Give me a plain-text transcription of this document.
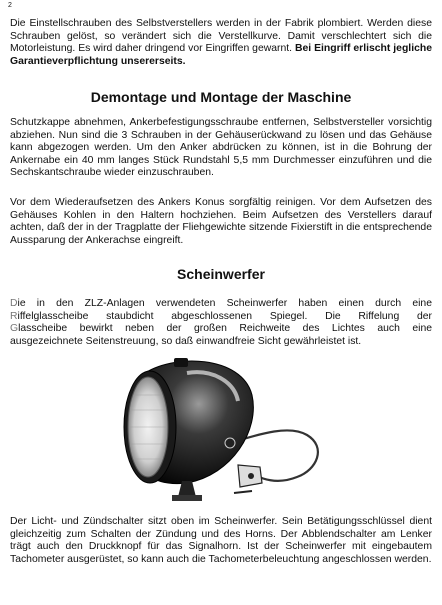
2

Die Einstellschrauben des Selbstverstellers werden in der Fabrik plombiert. Werden diese Schrauben gelöst, so verändert sich die Verstellkurve. Damit verschlechtert sich die Motorleistung. Es wird daher dringend vor Eingriffen gewarnt. Bei Eingriff erlischt jegliche Garantieverpflichtung unsererseits.

Demontage und Montage der Maschine

Schutzkappe abnehmen, Ankerbefestigungsschraube entfernen, Selbstversteller vorsichtig abziehen. Nun sind die 3 Schrauben in der Gehäuserückwand zu lösen und das Gehäuse kann abgezogen werden. Um den Anker abdrücken zu können, ist in die Bohrung der Ankernabe ein 40 mm langes Stück Rundstahl 5,5 mm Durchmesser einzuführen und die Sechskantschraube wieder einzuschrauben.

Vor dem Wiederaufsetzen des Ankers Konus sorgfältig reinigen. Vor dem Aufsetzen des Gehäuses Kohlen in den Haltern hochziehen. Beim Aufsetzen des Verstellers darauf achten, daß der in der Tragplatte der Fliehgewichte sitzende Fixierstift in die entsprechende Aussparung der Ankerachse eingreift.

Scheinwerfer
Die in den ZLZ-Anlagen verwendeten Scheinwerfer haben einen durch eine
Riffelglasscheibe staubdicht abgeschlossenen Spiegel. Die Riffelung der
Glasscheibe bewirkt neben der großen Reichweite des Lichtes auch eine
ausgezeichnete Seitenstreuung, so daß einwandfreie Sicht gewährleistet ist.

Der Licht- und Zündschalter sitzt oben im Scheinwerfer. Sein Betätigungsschlüssel dient gleichzeitig zum Schalten der Zündung und des Horns. Der Abblendschalter am Lenker trägt auch den Druckknopf für das Signalhorn. Ist der Scheinwerfer mit eingebautem Tachometer ausgerüstet, so kann auch die Tachometerbeleuchtung angeschlossen werden.
